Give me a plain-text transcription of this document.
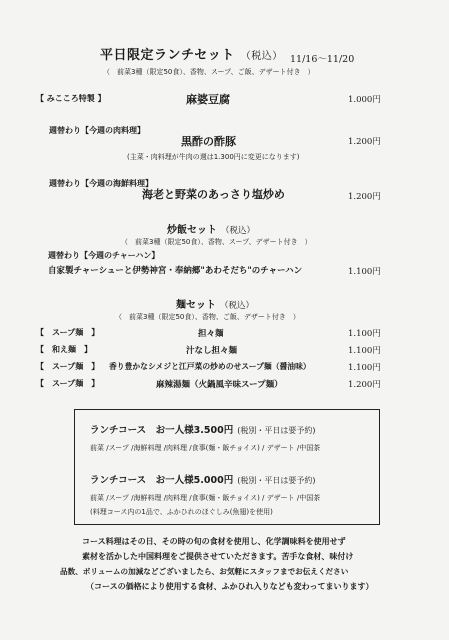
平日限定ランチセット （税込） 11/16～11/20
（　前菜3種（限定50食）、香物、スープ、ご飯、デザート付き　）
【 みこころ特製 】	麻婆豆腐	1.000円
週替わり【今週の肉料理】
黒酢の酢豚	1.200円
(主菜・肉料理が牛肉の週は1.300円に変更になります)
週替わり【今週の海鮮料理】
海老と野菜のあっさり塩炒め	1.200円
炒飯セット （税込）
（　前菜3種（限定50食）、香物、スープ、デザート付き　）
週替わり【今週のチャーハン】
自家製チャーシューと伊勢神宮・奉納郷"あわそだち"のチャーハン	1.100円
麺セット （税込）
（　前菜3種（限定50食）、香物、ご飯、デザート付き　）
【　スープ麺　】	担々麺	1.100円
【　和え麺　】	汁なし担々麺	1.100円
【　スープ麺　】 香り豊かなシメジと江戸菜の炒めのせスープ麺（醤油味）	1.100円
【　スープ麺　】	麻辣湯麺（火鍋風辛味スープ麺）	1.200円
ランチコース　お一人様3.500円 (税別・平日は要予約)
前菜 /スープ /海鮮料理 /肉料理 /食事(麺・飯チョイス) / デザート /中国茶
ランチコース　お一人様5.000円 (税別・平日は要予約)
前菜 /スープ /海鮮料理 /肉料理 /食事(麺・飯チョイス) / デザート /中国茶
(料理コース内の1品で、ふかひれのほぐしみ(魚翅)を使用)
コース料理はその日、その時の旬の食材を使用し、化学調味料を使用せず
素材を活かした中国料理をご提供させていただきます。苦手な食材、味付け
品数、ボリュームの加減などございましたら、お気軽にスタッフまでお伝えください
（コースの価格により使用する食材、ふかひれ入りなども変わってまいります）
